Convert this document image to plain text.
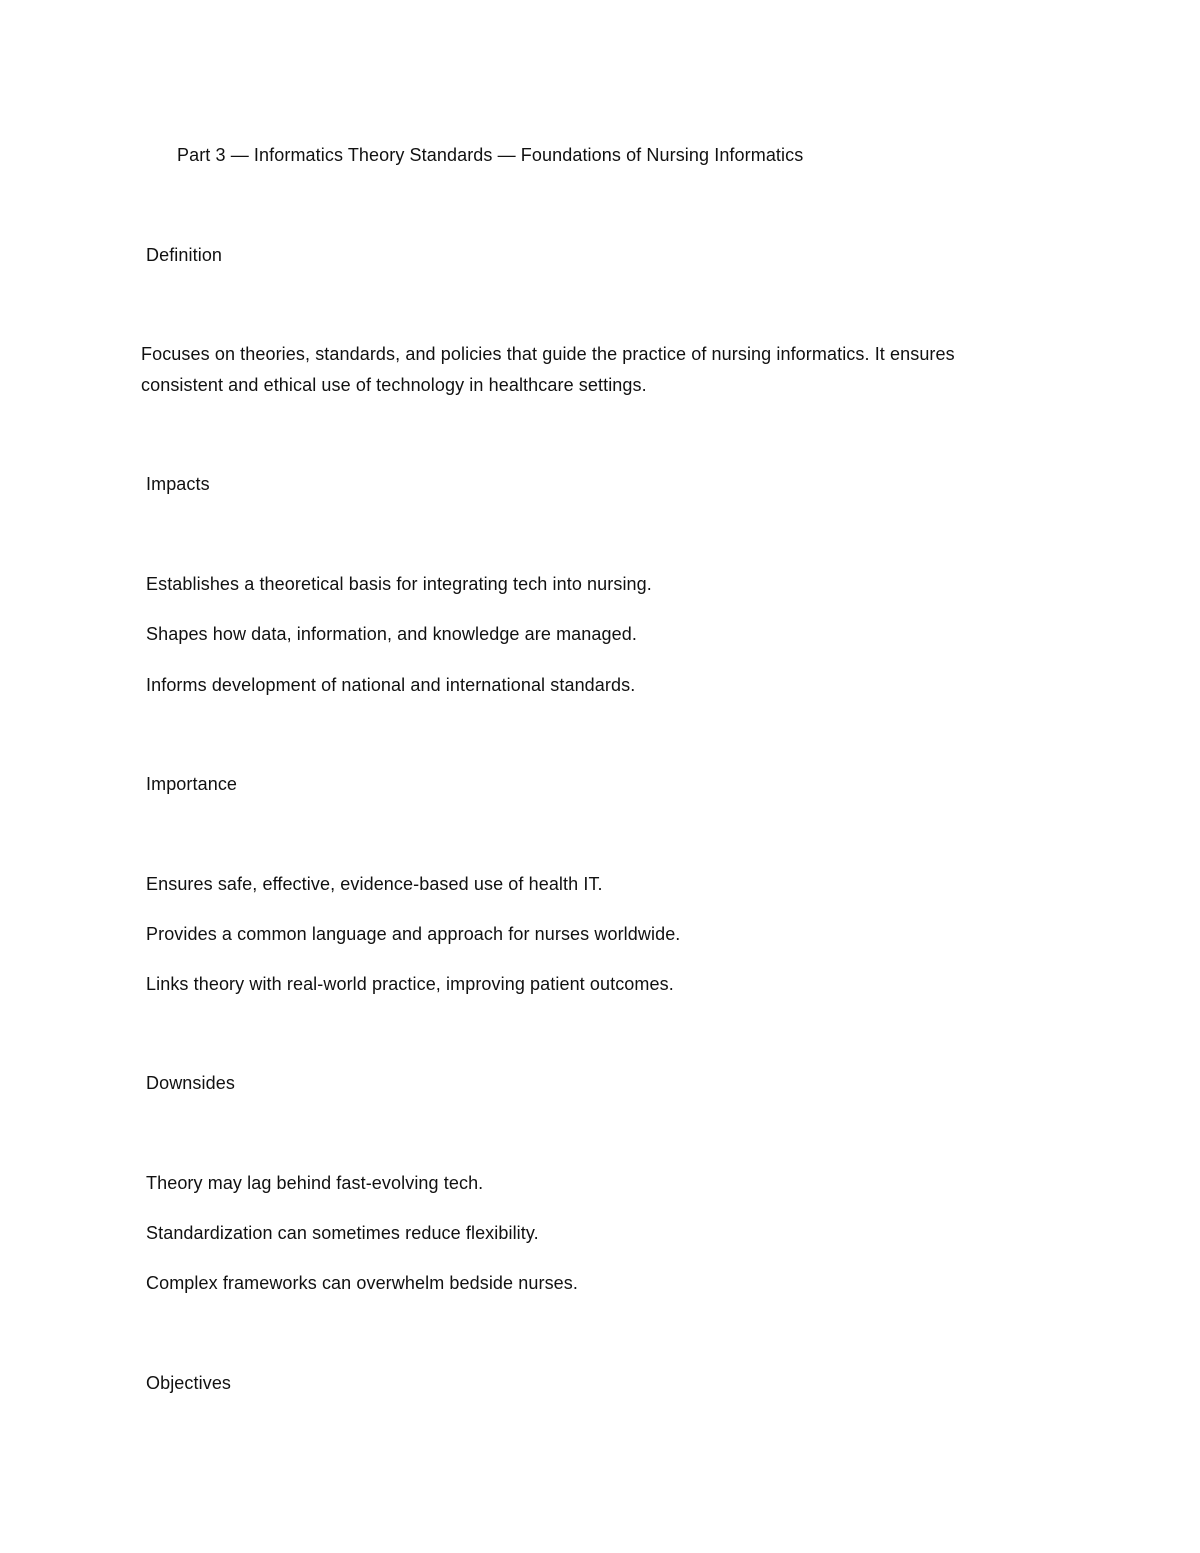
Part 3 — Informatics Theory Standards — Foundations of Nursing Informatics

Definition

Focuses on theories, standards, and policies that guide the practice of nursing informatics. It ensures
consistent and ethical use of technology in healthcare settings.

Impacts

Establishes a theoretical basis for integrating tech into nursing.

Shapes how data, information, and knowledge are managed.

Informs development of national and international standards.

Importance

Ensures safe, effective, evidence-based use of health IT.

Provides a common language and approach for nurses worldwide.

Links theory with real-world practice, improving patient outcomes.

Downsides

Theory may lag behind fast-evolving tech.

Standardization can sometimes reduce flexibility.

Complex frameworks can overwhelm bedside nurses.

Objectives
